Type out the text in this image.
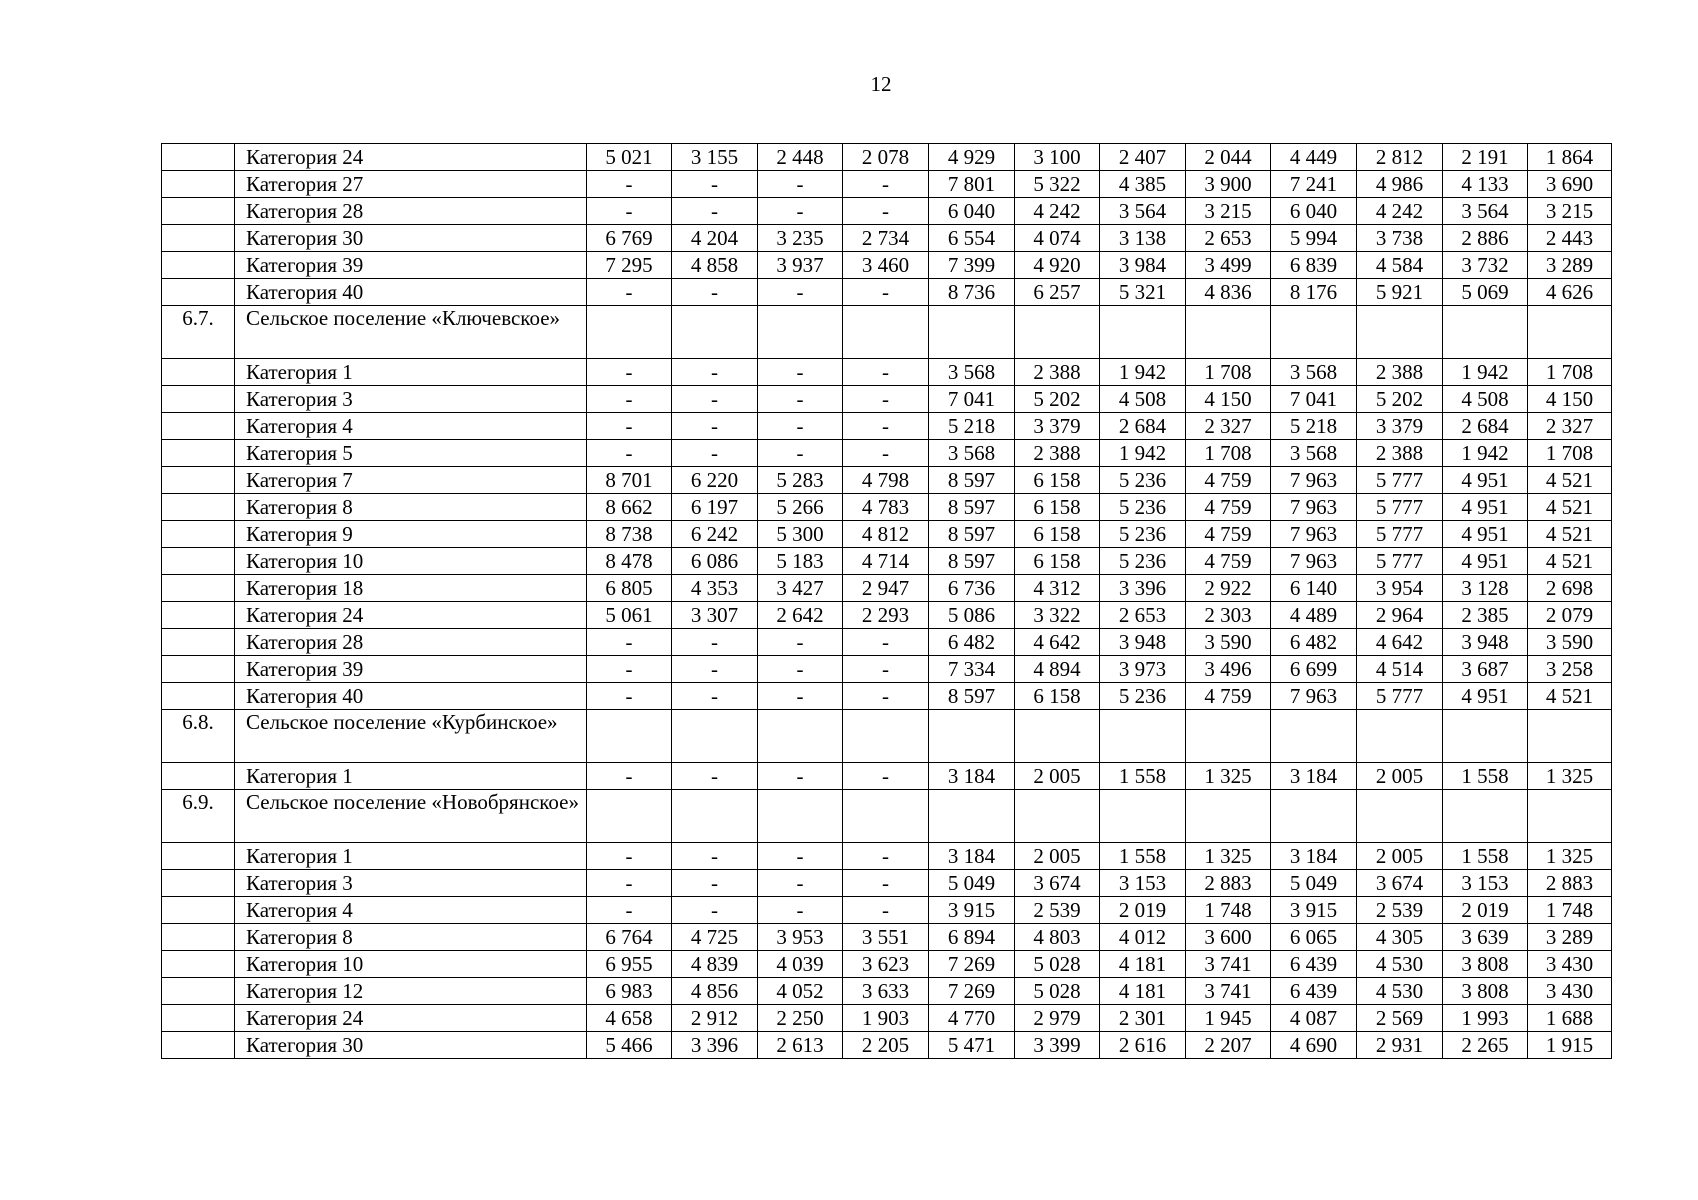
12
	Категория 24	5 021	3 155	2 448	2 078	4 929	3 100	2 407	2 044	4 449	2 812	2 191	1 864
	Категория 27	-	-	-	-	7 801	5 322	4 385	3 900	7 241	4 986	4 133	3 690
	Категория 28	-	-	-	-	6 040	4 242	3 564	3 215	6 040	4 242	3 564	3 215
	Категория 30	6 769	4 204	3 235	2 734	6 554	4 074	3 138	2 653	5 994	3 738	2 886	2 443
	Категория 39	7 295	4 858	3 937	3 460	7 399	4 920	3 984	3 499	6 839	4 584	3 732	3 289
	Категория 40	-	-	-	-	8 736	6 257	5 321	4 836	8 176	5 921	5 069	4 626
6.7.	Сельское поселение «Ключевское»												
	Категория 1	-	-	-	-	3 568	2 388	1 942	1 708	3 568	2 388	1 942	1 708
	Категория 3	-	-	-	-	7 041	5 202	4 508	4 150	7 041	5 202	4 508	4 150
	Категория 4	-	-	-	-	5 218	3 379	2 684	2 327	5 218	3 379	2 684	2 327
	Категория 5	-	-	-	-	3 568	2 388	1 942	1 708	3 568	2 388	1 942	1 708
	Категория 7	8 701	6 220	5 283	4 798	8 597	6 158	5 236	4 759	7 963	5 777	4 951	4 521
	Категория 8	8 662	6 197	5 266	4 783	8 597	6 158	5 236	4 759	7 963	5 777	4 951	4 521
	Категория 9	8 738	6 242	5 300	4 812	8 597	6 158	5 236	4 759	7 963	5 777	4 951	4 521
	Категория 10	8 478	6 086	5 183	4 714	8 597	6 158	5 236	4 759	7 963	5 777	4 951	4 521
	Категория 18	6 805	4 353	3 427	2 947	6 736	4 312	3 396	2 922	6 140	3 954	3 128	2 698
	Категория 24	5 061	3 307	2 642	2 293	5 086	3 322	2 653	2 303	4 489	2 964	2 385	2 079
	Категория 28	-	-	-	-	6 482	4 642	3 948	3 590	6 482	4 642	3 948	3 590
	Категория 39	-	-	-	-	7 334	4 894	3 973	3 496	6 699	4 514	3 687	3 258
	Категория 40	-	-	-	-	8 597	6 158	5 236	4 759	7 963	5 777	4 951	4 521
6.8.	Сельское поселение «Курбинское»												
	Категория 1	-	-	-	-	3 184	2 005	1 558	1 325	3 184	2 005	1 558	1 325
6.9.	Сельское поселение «Новобрянское»												
	Категория 1	-	-	-	-	3 184	2 005	1 558	1 325	3 184	2 005	1 558	1 325
	Категория 3	-	-	-	-	5 049	3 674	3 153	2 883	5 049	3 674	3 153	2 883
	Категория 4	-	-	-	-	3 915	2 539	2 019	1 748	3 915	2 539	2 019	1 748
	Категория 8	6 764	4 725	3 953	3 551	6 894	4 803	4 012	3 600	6 065	4 305	3 639	3 289
	Категория 10	6 955	4 839	4 039	3 623	7 269	5 028	4 181	3 741	6 439	4 530	3 808	3 430
	Категория 12	6 983	4 856	4 052	3 633	7 269	5 028	4 181	3 741	6 439	4 530	3 808	3 430
	Категория 24	4 658	2 912	2 250	1 903	4 770	2 979	2 301	1 945	4 087	2 569	1 993	1 688
	Категория 30	5 466	3 396	2 613	2 205	5 471	3 399	2 616	2 207	4 690	2 931	2 265	1 915
